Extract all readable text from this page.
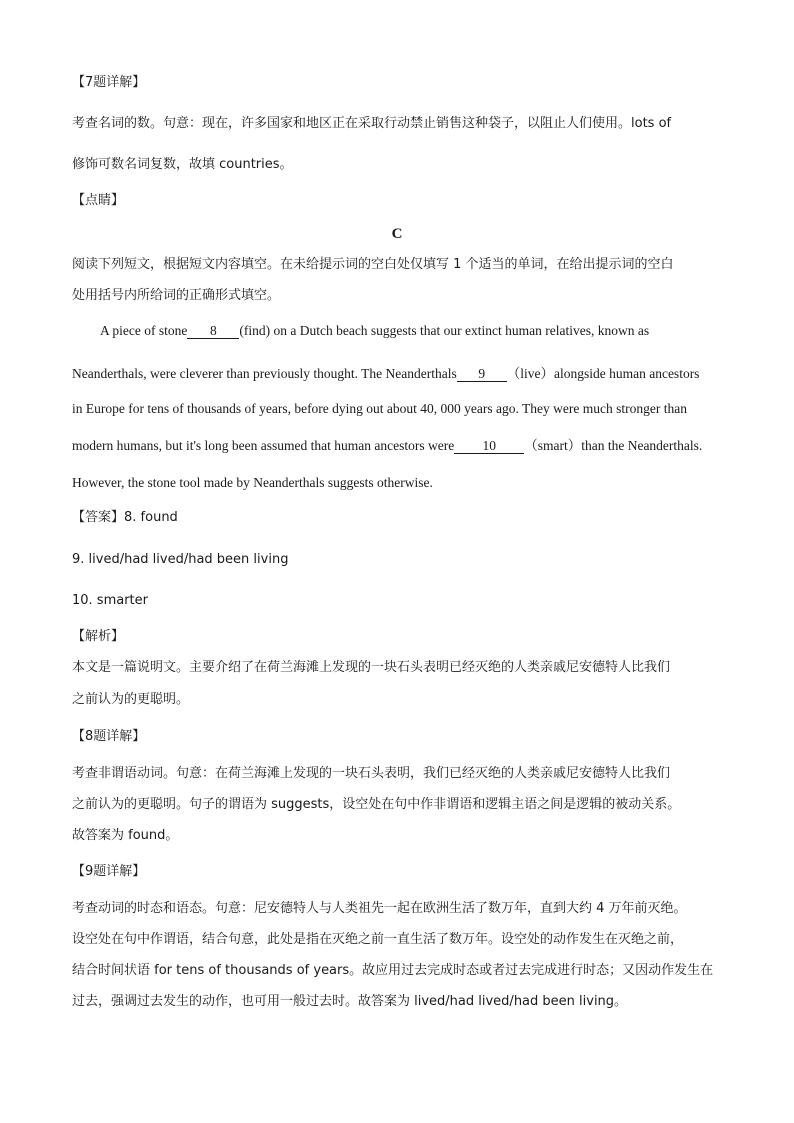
【7题详解】
考查名词的数。句意：现在，许多国家和地区正在采取行动禁止销售这种袋子，以阻止人们使用。lots of
修饰可数名词复数，故填 countries。
【点睛】
C
阅读下列短文，根据短文内容填空。在未给提示词的空白处仅填写 1 个适当的单词，在给出提示词的空白
处用括号内所给词的正确形式填空。
A piece of stone 8 (find) on a Dutch beach suggests that our extinct human relatives, known as
Neanderthals, were cleverer than previously thought. The Neanderthals 9 （live）alongside human ancestors
in Europe for tens of thousands of years, before dying out about 40, 000 years ago. They were much stronger than
modern humans, but it's long been assumed that human ancestors were 10 （smart）than the Neanderthals.
However, the stone tool made by Neanderthals suggests otherwise.
【答案】8. found
9. lived/had lived/had been living
10. smarter
【解析】
本文是一篇说明文。主要介绍了在荷兰海滩上发现的一块石头表明已经灭绝的人类亲戚尼安德特人比我们
之前认为的更聪明。
【8题详解】
考查非谓语动词。句意：在荷兰海滩上发现的一块石头表明，我们已经灭绝的人类亲戚尼安德特人比我们
之前认为的更聪明。句子的谓语为 suggests，设空处在句中作非谓语和逻辑主语之间是逻辑的被动关系。
故答案为 found。
【9题详解】
考查动词的时态和语态。句意：尼安德特人与人类祖先一起在欧洲生活了数万年，直到大约 4 万年前灭绝。
设空处在句中作谓语，结合句意，此处是指在灭绝之前一直生活了数万年。设空处的动作发生在灭绝之前，
结合时间状语 for tens of thousands of years。故应用过去完成时态或者过去完成进行时态；又因动作发生在
过去，强调过去发生的动作，也可用一般过去时。故答案为 lived/had lived/had been living。
